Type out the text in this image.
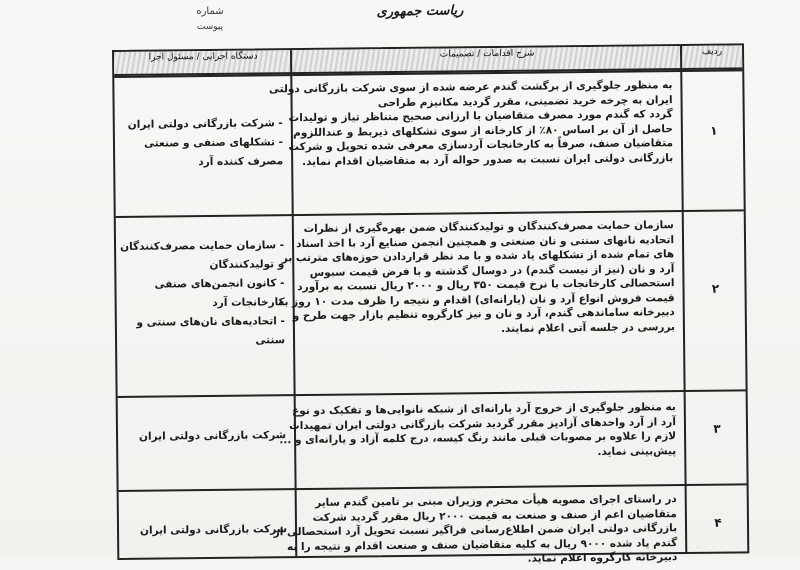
شماره
پیوست
ریاست جمهوری
دستگاه اجرایی / مسئول اجرا	شرح اقدامات / تصمیمات	ردیف
- شرکت بازرگانی دولتی ایران
- تشکلهای صنفی و صنعتی
مصرف کننده آرد
به منظور جلوگیری از برگشت گندم عرضه شده از سوی شرکت بازرگانی دولتی
ایران به چرخه خرید تضمینی، مقرر گردید مکانیزم طراحی
گردد که گندم مورد مصرف متقاضیان با ارزانی صحیح متناظر تیاز و تولیدات
حاصل از آن بر اساس ۸۰٪ از کارخانه از سوی تشکلهای ذیربط و عنداللزوم
متقاضیان صنف، صرفاً به کارخانجات آردسازی معرفی شده تحویل و شرکت
بازرگانی دولتی ایران نسبت به صدور حواله آرد به متقاضیان اقدام نماید.
۱
- سازمان حمایت مصرف‌کنندگان
و تولیدکنندگان
- کانون انجمن‌های صنفی
کارخانجات آرد
- اتحادیه‌های نان‌های سنتی و
سنتی
سازمان حمایت مصرف‌کنندگان و تولیدکنندگان ضمن بهره‌گیری از نظرات
اتحادیه نانهای سنتی و نان صنعتی و همچنین انجمن صنایع آرد با اخذ اسناد
های تمام شده از تشکلهای یاد شده و با مد نظر قراردادن حوزه‌های مترتب بر
آرد و نان (نیز از نیست گندم) در دوسال گذشته و با فرض قیمت سبوس
استحصالی کارخانجات با نرخ قیمت ۳۵۰ ریال و ۲۰۰۰ ریال نسبت به برآورد
قیمت فروش انواع آرد و نان (یارانه‌ای) اقدام و نتیجه را ظرف مدت ۱۰ روز به
دبیرخانه ساماندهی گندم، آرد و نان و نیز کارگروه تنظیم بازار جهت طرح و
بررسی در جلسه آتی اعلام نمایند.
۲
شرکت بازرگانی دولتی ایران
به منظور جلوگیری از خروج آرد یارانه‌ای از شبکه نانوایی‌ها و تفکیک دو نوع
آرد از آرد واحدهای آزادپز مقرر گردید شرکت بازرگانی دولتی ایران تمهیدات
لازم را علاوه بر مصوبات قبلی مانند رنگ کیسه، درج کلمه آزاد و یارانه‌ای و ...
پیش‌بینی نماید.
۳
شرکت بازرگانی دولتی ایران
در راستای اجرای مصوبه هیأت محترم وزیران مبنی بر تامین گندم سایر
متقاضیان اعم از صنف و صنعت به قیمت ۲۰۰۰ ریال مقرر گردید شرکت
بازرگانی دولتی ایران ضمن اطلاع‌رسانی فراگیر نسبت تحویل آرد استحصالی از
گندم یاد شده ۹۰۰۰ ریال به کلیه متقاضیان صنف و صنعت اقدام و نتیجه را به
دبیرخانه کارگروه اعلام نماید.
۴
